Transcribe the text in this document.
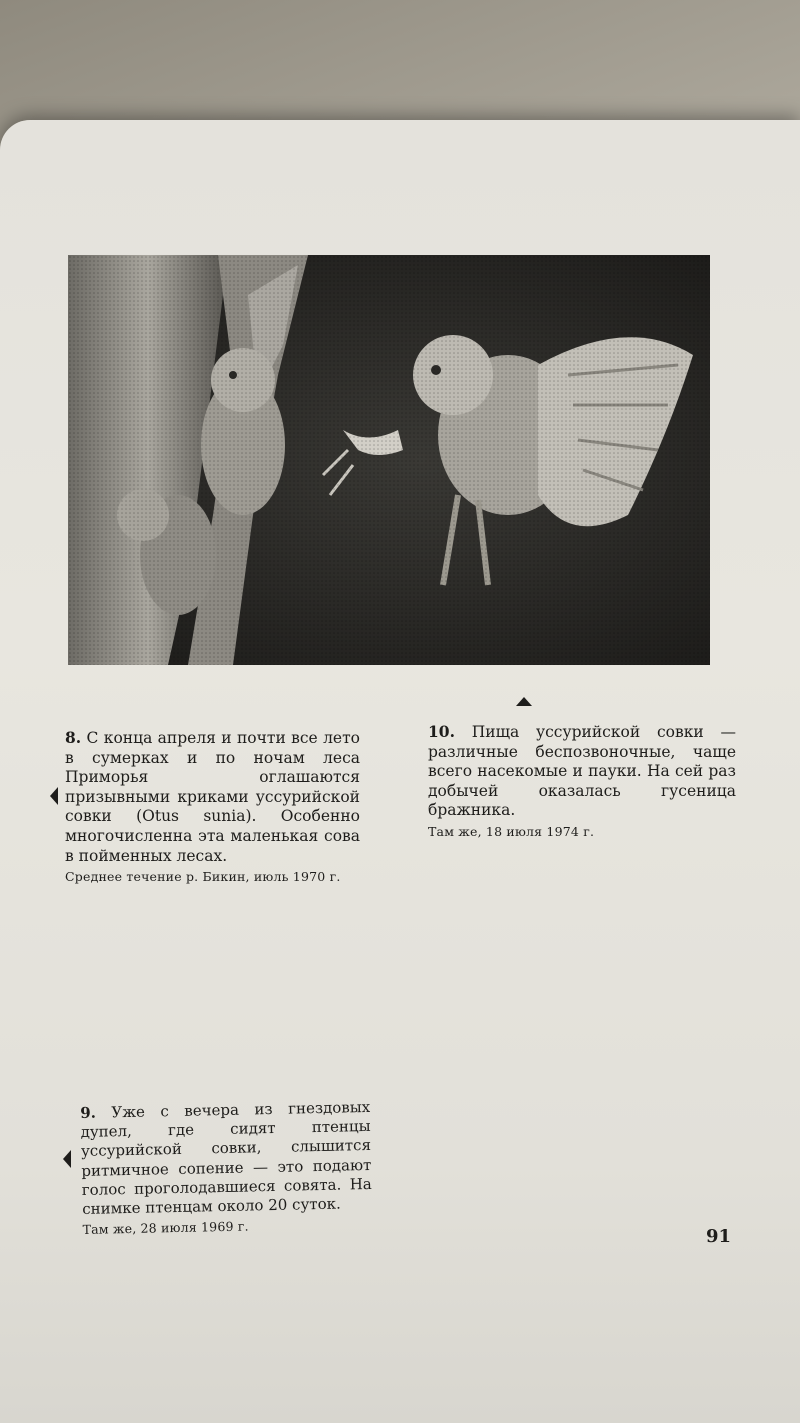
8. С конца апреля и почти все лето в сумерках и по ночам леса Приморья оглашаются призывными криками уссурийской совки (Otus sunia). Особенно многочисленна эта маленькая сова в пойменных лесах.
Среднее течение р. Бикин, июль 1970 г.
10. Пища уссурийской совки — различные беспозвоночные, чаще всего насекомые и пауки. На сей раз добычей оказалась гусеница бражника.
Там же, 18 июля 1974 г.
9. Уже с вечера из гнездовых дупел, где сидят птенцы уссурийской совки, слышится ритмичное сопение — это подают голос проголодавшиеся совята. На снимке птенцам около 20 суток.
Там же, 28 июля 1969 г.	91
